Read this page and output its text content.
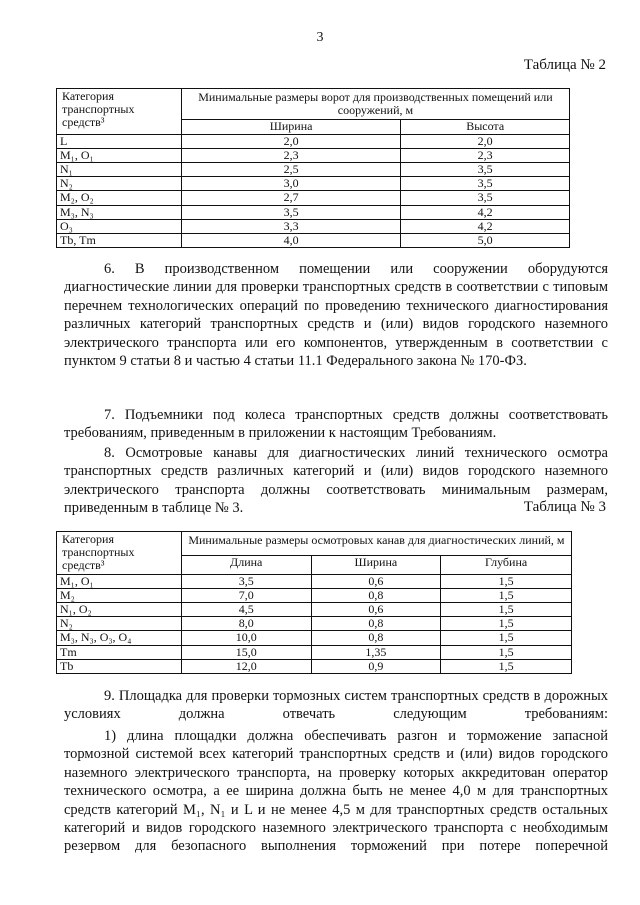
3
Таблица № 2
Категория транспортных средств³	Минимальные размеры ворот для производственных помещений или сооружений, м	
	Ширина	Высота
L	2,0	2,0
M₁, O₁	2,3	2,3
N₁	2,5	3,5
N₂	3,0	3,5
M₂, O₂	2,7	3,5
M₃, N₃	3,5	4,2
O₃	3,3	4,2
Tb, Tm	4,0	5,0

6. В производственном помещении или сооружении оборудуются диагностические линии для проверки транспортных средств в соответствии с типовым перечнем технологических операций по проведению технического диагностирования различных категорий транспортных средств и (или) видов городского наземного электрического транспорта или его компонентов, утвержденным в соответствии с пунктом 9 статьи 8 и частью 4 статьи 11.1 Федерального закона № 170-ФЗ.

7. Подъемники под колеса транспортных средств должны соответствовать требованиям, приведенным в приложении к настоящим Требованиям.

8. Осмотровые канавы для диагностических линий технического осмотра транспортных средств различных категорий и (или) видов городского наземного электрического транспорта должны соответствовать минимальным размерам, приведенным в таблице № 3.	Таблица № 3
Категория транспортных средств³	Минимальные размеры осмотровых канав для диагностических линий, м		
	Длина	Ширина	Глубина
M₁, O₁	3,5	0,6	1,5
M₂	7,0	0,8	1,5
N₁, O₂	4,5	0,6	1,5
N₂	8,0	0,8	1,5
M₃, N₃, O₃, O₄	10,0	0,8	1,5
Tm	15,0	1,35	1,5
Tb	12,0	0,9	1,5

9. Площадка для проверки тормозных систем транспортных средств в дорожных условиях должна отвечать следующим требованиям:

1) длина площадки должна обеспечивать разгон и торможение запасной тормозной системой всех категорий транспортных средств и (или) видов городского наземного электрического транспорта, на проверку которых аккредитован оператор технического осмотра, а ее ширина должна быть не менее 4,0 м для транспортных средств категорий M₁, N₁ и L и не менее 4,5 м для транспортных средств остальных категорий и видов городского наземного электрического транспорта с необходимым резервом для безопасного выполнения торможений при потере поперечной
